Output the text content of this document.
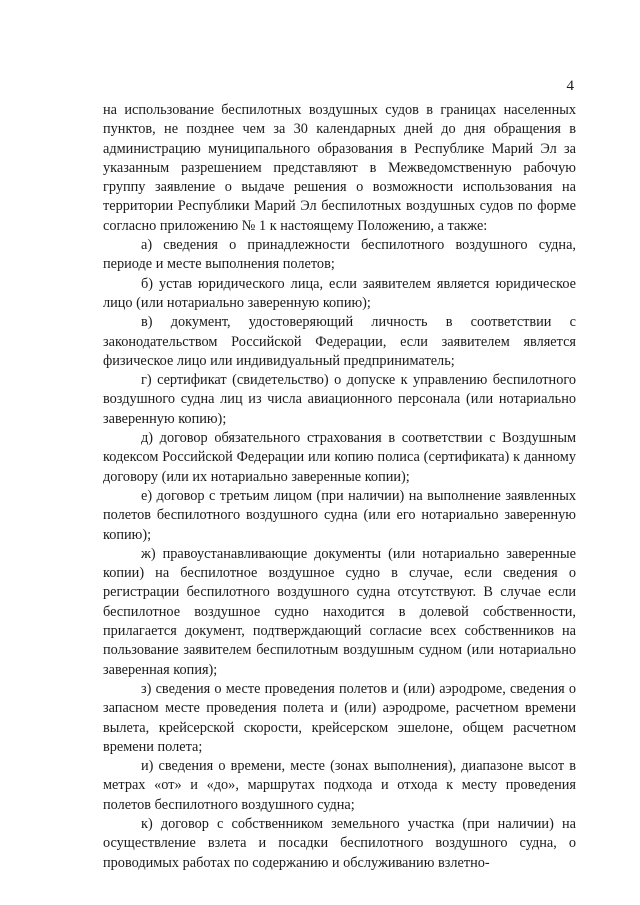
4

на использование беспилотных воздушных судов в границах населенных пунктов, не позднее чем за 30 календарных дней до дня обращения в администрацию муниципального образования в Республике Марий Эл за указанным разрешением представляют в Межведомственную рабочую группу заявление о выдаче решения о возможности использования на территории Республики Марий Эл беспилотных воздушных судов по форме согласно приложению № 1 к настоящему Положению, а также:

а) сведения о принадлежности беспилотного воздушного судна, периоде и месте выполнения полетов;

б) устав юридического лица, если заявителем является юридическое лицо (или нотариально заверенную копию);

в) документ, удостоверяющий личность в соответствии с законодательством Российской Федерации, если заявителем является физическое лицо или индивидуальный предприниматель;

г) сертификат (свидетельство) о допуске к управлению беспилотного воздушного судна лиц из числа авиационного персонала (или нотариально заверенную копию);

д) договор обязательного страхования в соответствии с Воздушным кодексом Российской Федерации или копию полиса (сертификата) к данному договору (или их нотариально заверенные копии);

е) договор с третьим лицом (при наличии) на выполнение заявленных полетов беспилотного воздушного судна (или его нотариально заверенную копию);

ж) правоустанавливающие документы (или нотариально заверенные копии) на беспилотное воздушное судно в случае, если сведения о регистрации беспилотного воздушного судна отсутствуют. В случае если беспилотное воздушное судно находится в долевой собственности, прилагается документ, подтверждающий согласие всех собственников на пользование заявителем беспилотным воздушным судном (или нотариально заверенная копия);

з) сведения о месте проведения полетов и (или) аэродроме, сведения о запасном месте проведения полета и (или) аэродроме, расчетном времени вылета, крейсерской скорости, крейсерском эшелоне, общем расчетном времени полета;

и) сведения о времени, месте (зонах выполнения), диапазоне высот в метрах «от» и «до», маршрутах подхода и отхода к месту проведения полетов беспилотного воздушного судна;

к) договор с собственником земельного участка (при наличии) на осуществление взлета и посадки беспилотного воздушного судна, о проводимых работах по содержанию и обслуживанию взлетно-
